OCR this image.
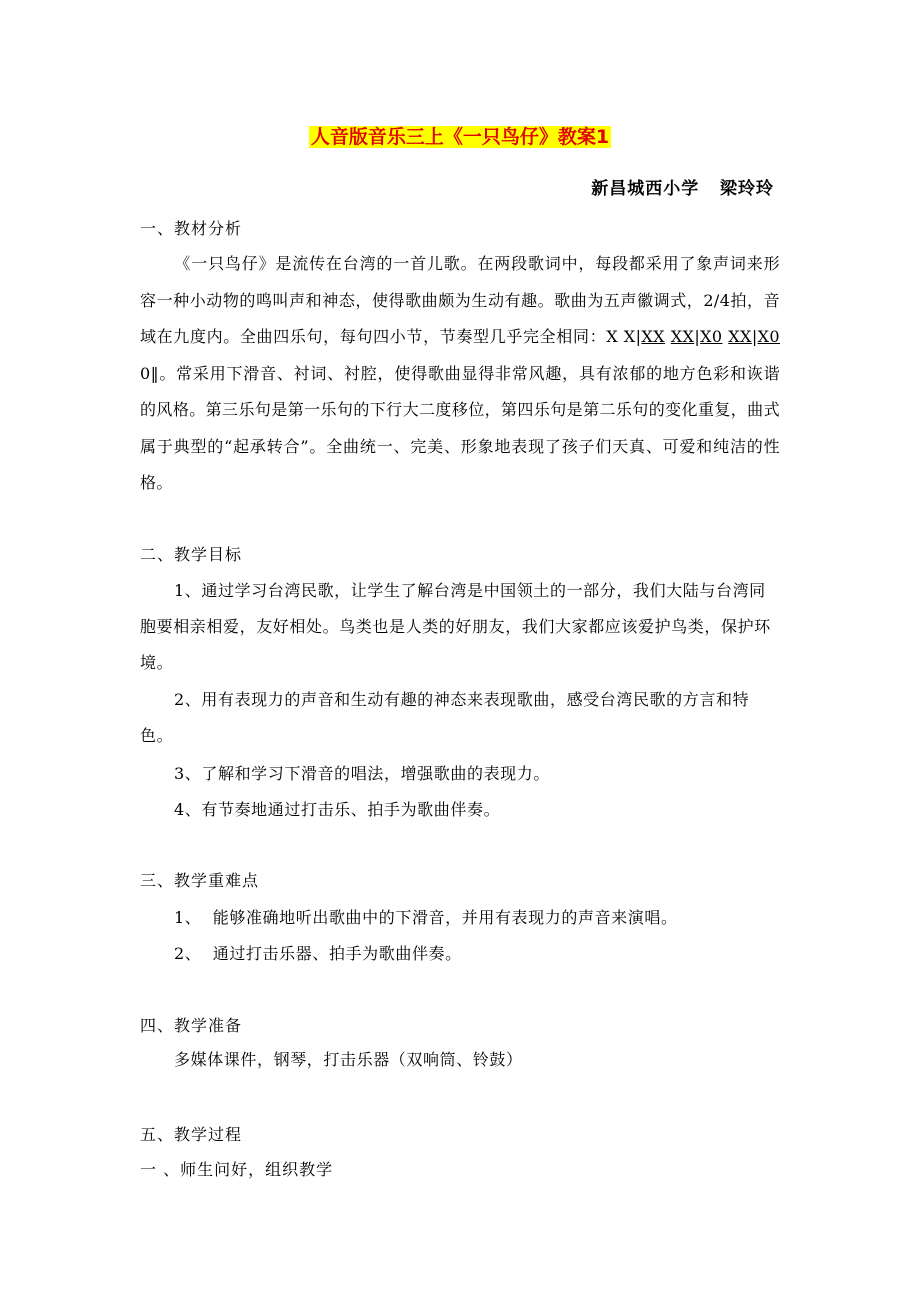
人音版音乐三上《一只鸟仔》教案1
新昌城西小学   梁玲玲
一、教材分析
《一只鸟仔》是流传在台湾的一首儿歌。在两段歌词中，每段都采用了象声词来形容一种小动物的鸣叫声和神态，使得歌曲颇为生动有趣。歌曲为五声徽调式，2/4拍，音域在九度内。全曲四乐句，每句四小节，节奏型几乎完全相同：X X|XX XX|X0 XX|X0 0‖。常采用下滑音、衬词、衬腔，使得歌曲显得非常风趣，具有浓郁的地方色彩和诙谐的风格。第三乐句是第一乐句的下行大二度移位，第四乐句是第二乐句的变化重复，曲式属于典型的“起承转合”。全曲统一、完美、形象地表现了孩子们天真、可爱和纯洁的性格。
二、教学目标
1、通过学习台湾民歌，让学生了解台湾是中国领土的一部分，我们大陆与台湾同胞要相亲相爱，友好相处。鸟类也是人类的好朋友，我们大家都应该爱护鸟类，保护环境。
2、用有表现力的声音和生动有趣的神态来表现歌曲，感受台湾民歌的方言和特色。
3、了解和学习下滑音的唱法，增强歌曲的表现力。
4、有节奏地通过打击乐、拍手为歌曲伴奏。
三、教学重难点
1、  能够准确地听出歌曲中的下滑音，并用有表现力的声音来演唱。
2、  通过打击乐器、拍手为歌曲伴奏。
四、教学准备
多媒体课件，钢琴，打击乐器（双响筒、铃鼓）
五、教学过程
一 、师生问好，组织教学
